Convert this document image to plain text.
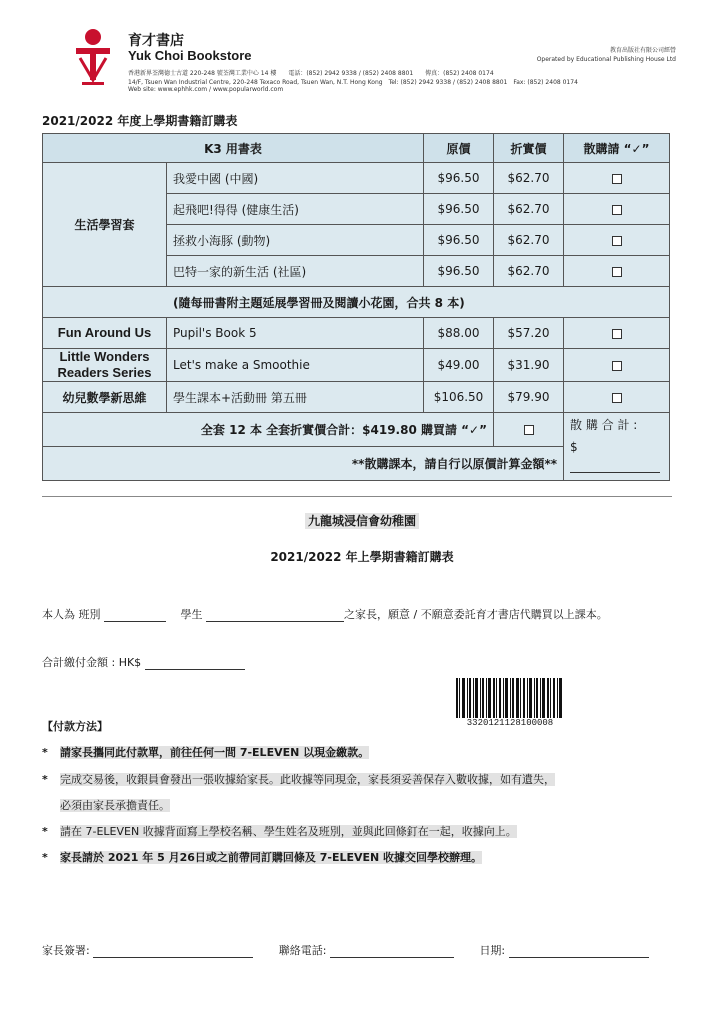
育才書店
Yuk Choi Bookstore
香港新界荃灣德士古道 220-248 號荃灣工業中心 14 樓　　電話：(852) 2942 9338 / (852) 2408 8801　　傳真：(852) 2408 0174
14/F, Tsuen Wan Industrial Centre, 220-248 Texaco Road, Tsuen Wan, N.T. Hong Kong　Tel: (852) 2942 9338 / (852) 2408 8801　Fax: (852) 2408 0174
Web site: www.ephhk.com / www.popularworld.com
教育出版社有限公司經營
Operated by Educational Publishing House Ltd
2021/2022 年度上學期書籍訂購表
K3 用書表		原價	折實價	散購請 “✓”
生活學習套	我愛中國 (中國)	$96.50	$62.70	
	起飛吧!得得 (健康生活)	$96.50	$62.70	
	拯救小海豚 (動物)	$96.50	$62.70	
	巴特一家的新生活 (社區)	$96.50	$62.70	
(隨每冊書附主題延展學習冊及閱讀小花園，合共 8 本)				
Fun Around Us	Pupil's Book 5	$88.00	$57.20	
Little Wonders Readers Series	Let's make a Smoothie	$49.00	$31.90	
幼兒數學新思維	學生課本+活動冊 第五冊	$106.50	$79.90	
全套 12 本 全套折實價合計：$419.80 購買請 “✓”				散 購 合 計 :
$

**散購課本，請自行以原價計算金額**				
九龍城浸信會幼稚園
2021/2022 年上學期書籍訂購表
本人為 班別  　	學生	之家長，願意 / 不願意委託育才書店代購買以上課本。
合計繳付金額 : HK$
3320121128100008
【付款方法】
* 請家長攜同此付款單，前往任何一間 7-ELEVEN 以現金繳款。
* 完成交易後，收銀員會發出一張收據給家長。此收據等同現金，家長須妥善保存入數收據，如有遺失，
必須由家長承擔責任。
* 請在 7-ELEVEN 收據背面寫上學校名稱、學生姓名及班別，並與此回條釘在一起，收據向上。
* 家長請於 2021 年 5 月26日或之前帶同訂購回條及 7-ELEVEN 收據交回學校辦理。
家長簽署:  　　	聯絡電話:  　　	日期:
